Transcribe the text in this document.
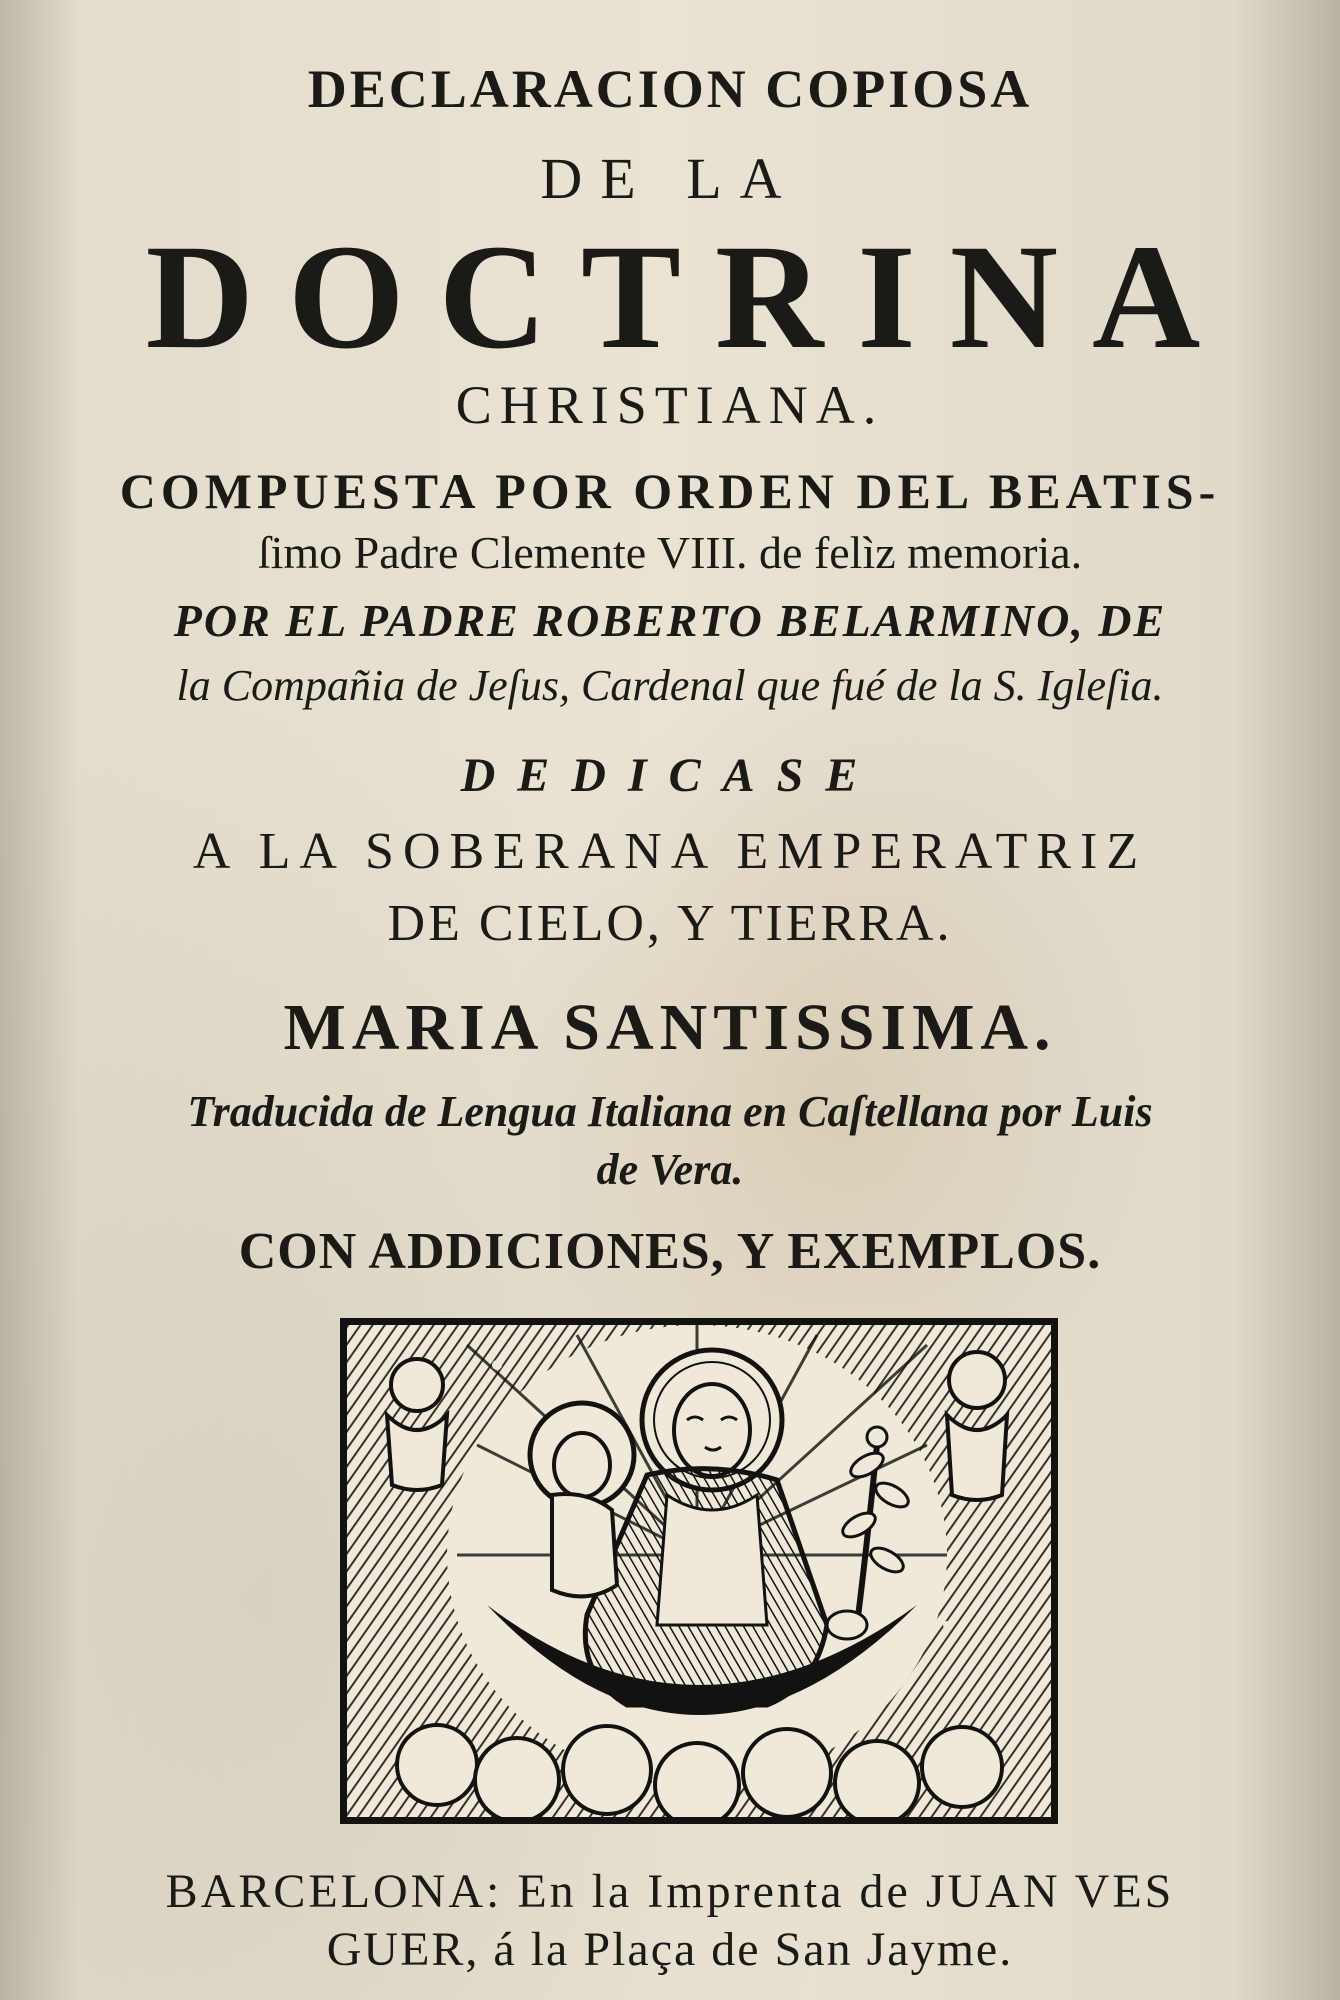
DECLARACION COPIOSA
DE LA
DOCTRINA
CHRISTIANA.
COMPUESTA POR ORDEN DEL BEATIS-
ſimo Padre Clemente VIII. de felìz memoria.
POR EL PADRE ROBERTO BELARMINO, DE
la Compañia de Jeſus, Cardenal que fué de la S. Igleſia.
DEDICASE
A LA SOBERANA EMPERATRIZ
DE CIELO, Y TIERRA.
MARIA SANTISSIMA.
Traducida de Lengua Italiana en Caſtellana por Luis
de Vera.
CON ADDICIONES, Y EXEMPLOS.
BARCELONA: En la Imprenta de JUAN VES
GUER, á la Plaça de San Jayme.
